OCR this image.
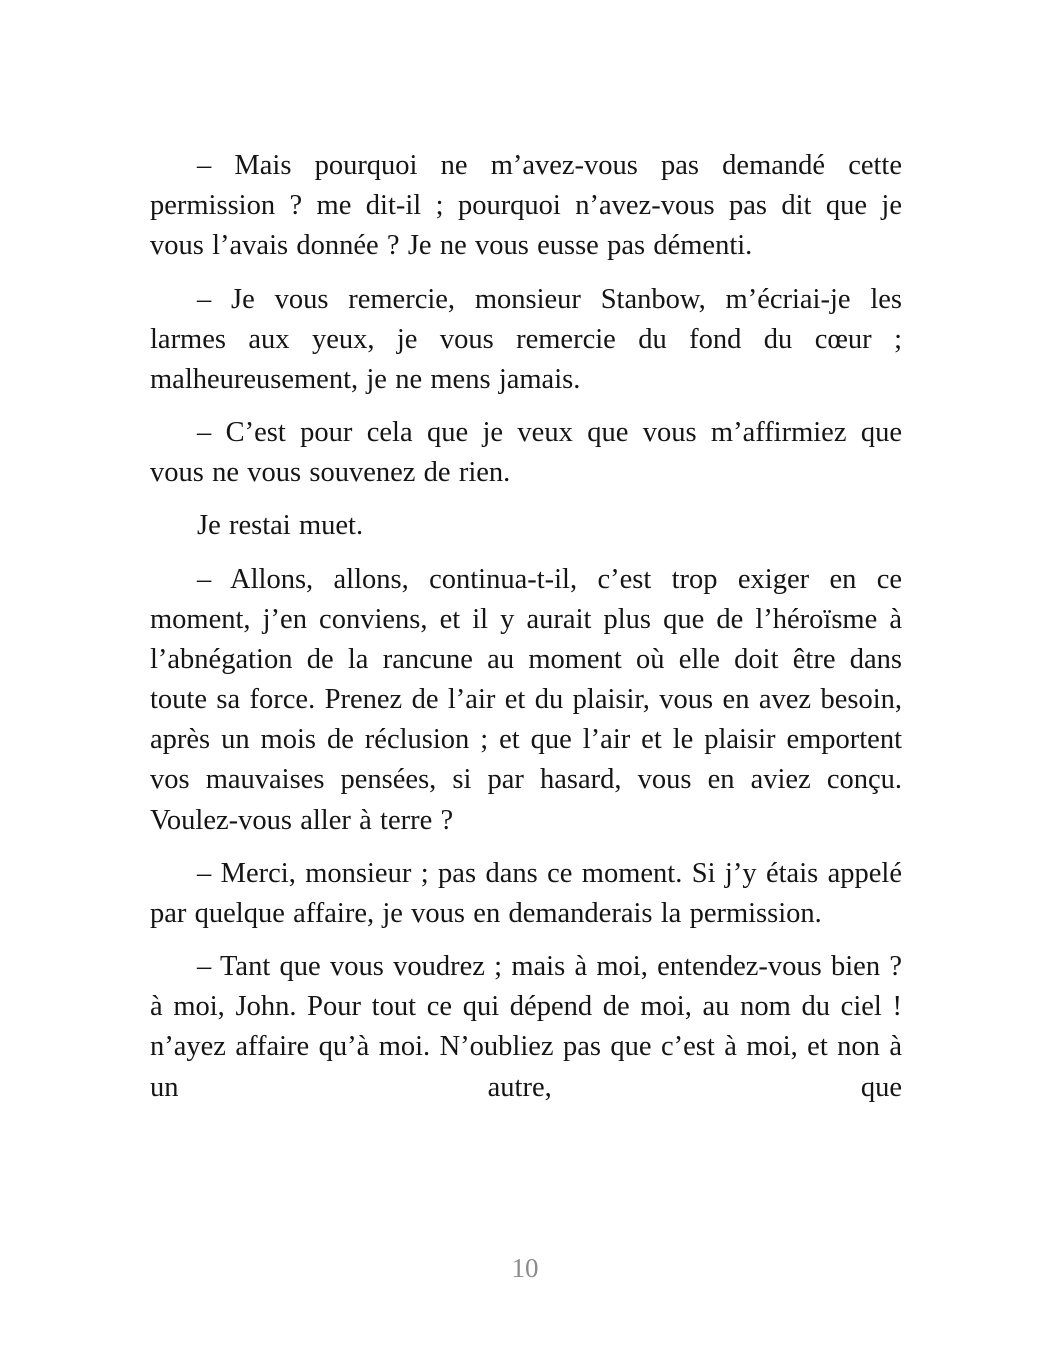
– Mais pourquoi ne m’avez-vous pas demandé cette permission ? me dit-il ; pourquoi n’avez-vous pas dit que je vous l’avais donnée ? Je ne vous eusse pas démenti.

– Je vous remercie, monsieur Stanbow, m’écriai-je les larmes aux yeux, je vous remercie du fond du cœur ; malheureusement, je ne mens jamais.

– C’est pour cela que je veux que vous m’affirmiez que vous ne vous souvenez de rien.

Je restai muet.

– Allons, allons, continua-t-il, c’est trop exiger en ce moment, j’en conviens, et il y aurait plus que de l’héroïsme à l’abnégation de la rancune au moment où elle doit être dans toute sa force. Prenez de l’air et du plaisir, vous en avez besoin, après un mois de réclusion ; et que l’air et le plaisir emportent vos mauvaises pensées, si par hasard, vous en aviez conçu. Voulez-vous aller à terre ?

– Merci, monsieur ; pas dans ce moment. Si j’y étais appelé par quelque affaire, je vous en demanderais la permission.

– Tant que vous voudrez ; mais à moi, entendez-vous bien ? à moi, John. Pour tout ce qui dépend de moi, au nom du ciel ! n’ayez affaire qu’à moi. N’oubliez pas que c’est à moi, et non à un autre, que

10
